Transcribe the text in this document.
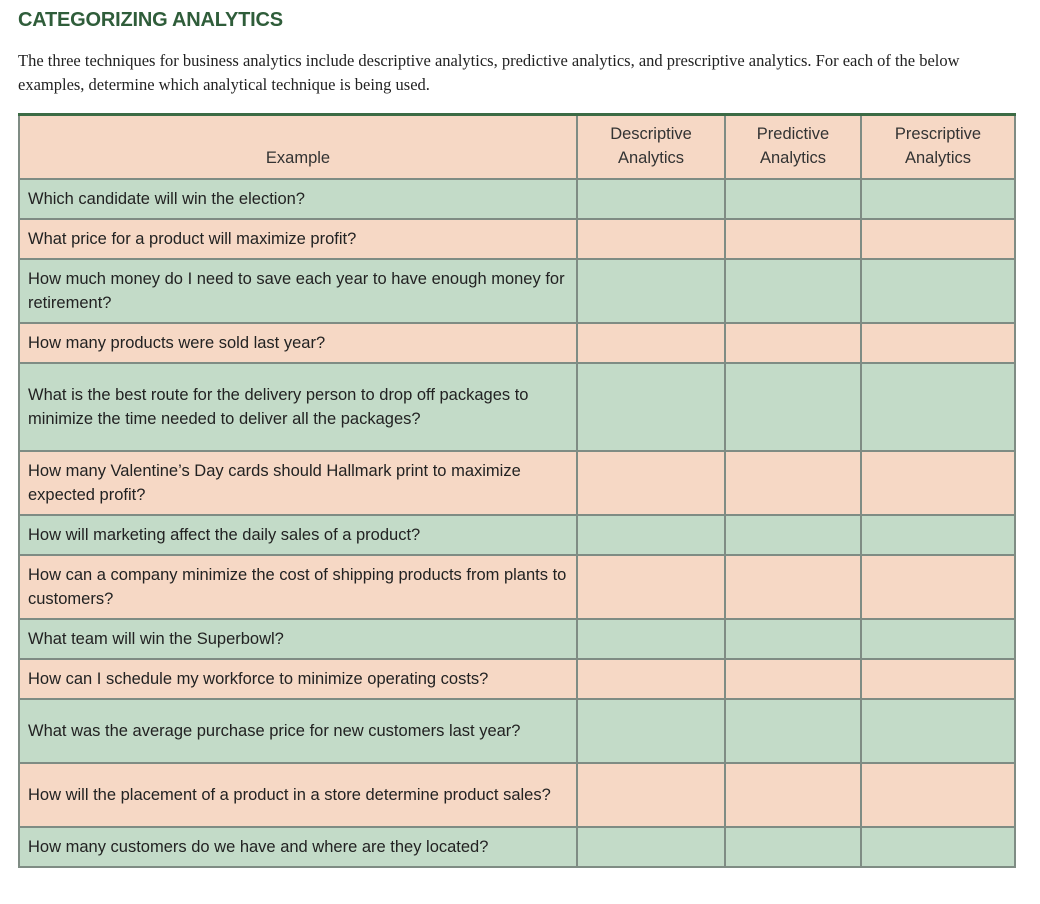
CATEGORIZING ANALYTICS

The three techniques for business analytics include descriptive analytics, predictive analytics, and prescriptive analytics. For each of the below examples, determine which analytical technique is being used.

Example	Descriptive Analytics	Predictive Analytics	Prescriptive Analytics
Which candidate will win the election?			
What price for a product will maximize profit?			
How much money do I need to save each year to have enough money for retirement?			
How many products were sold last year?			
What is the best route for the delivery person to drop off packages to minimize the time needed to deliver all the packages?			
How many Valentine’s Day cards should Hallmark print to maximize expected profit?			
How will marketing affect the daily sales of a product?			
How can a company minimize the cost of shipping products from plants to customers?			
What team will win the Superbowl?			
How can I schedule my workforce to minimize operating costs?			
What was the average purchase price for new customers last year?			
How will the placement of a product in a store determine product sales?			
How many customers do we have and where are they located?			
